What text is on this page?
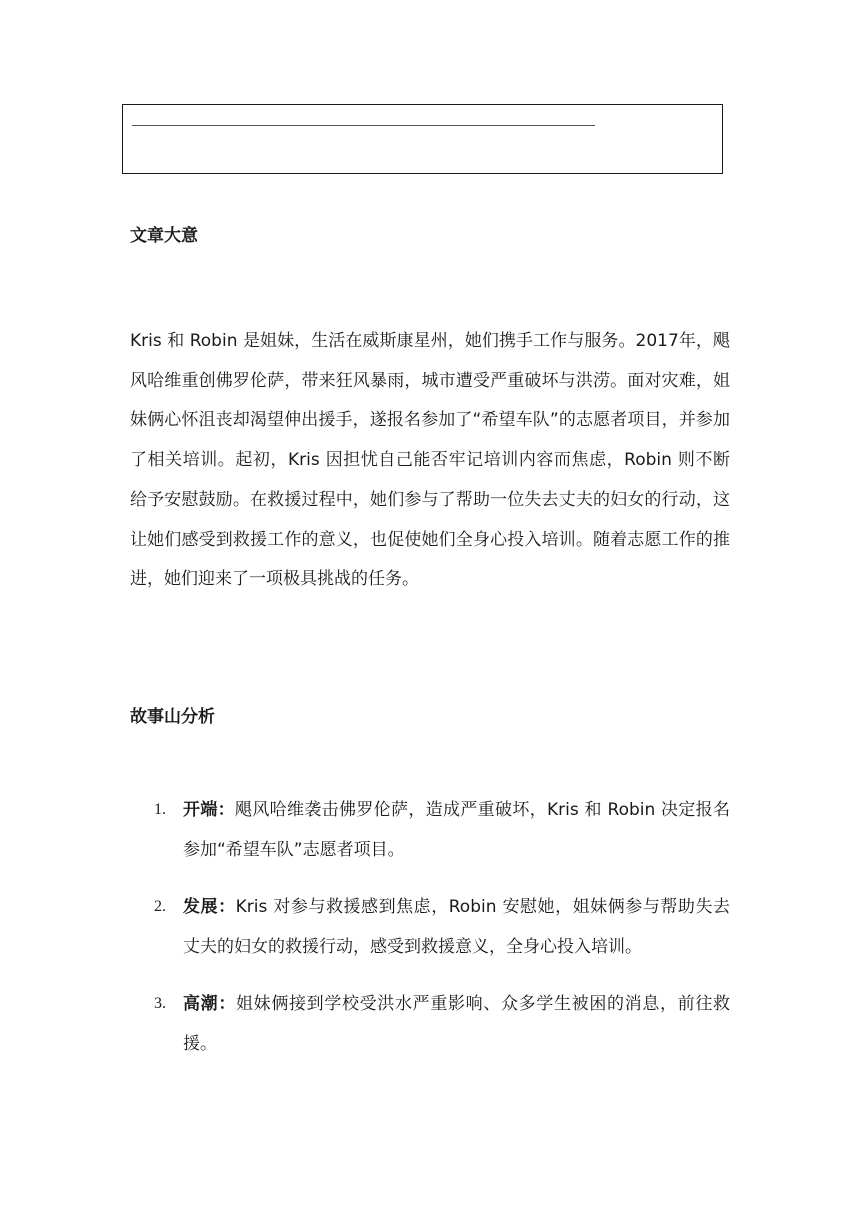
文章大意

Kris 和 Robin 是姐妹，生活在威斯康星州，她们携手工作与服务。2017年，飓风哈维重创佛罗伦萨，带来狂风暴雨，城市遭受严重破坏与洪涝。面对灾难，姐妹俩心怀沮丧却渴望伸出援手，遂报名参加了“希望车队”的志愿者项目，并参加了相关培训。起初，Kris 因担忧自己能否牢记培训内容而焦虑，Robin 则不断给予安慰鼓励。在救援过程中，她们参与了帮助一位失去丈夫的妇女的行动，这让她们感受到救援工作的意义，也促使她们全身心投入培训。随着志愿工作的推进，她们迎来了一项极具挑战的任务。

故事山分析
1. 开端：飓风哈维袭击佛罗伦萨，造成严重破坏，Kris 和 Robin 决定报名参加“希望车队”志愿者项目。
2. 发展：Kris 对参与救援感到焦虑，Robin 安慰她，姐妹俩参与帮助失去丈夫的妇女的救援行动，感受到救援意义，全身心投入培训。
3. 高潮：姐妹俩接到学校受洪水严重影响、众多学生被困的消息，前往救援。
